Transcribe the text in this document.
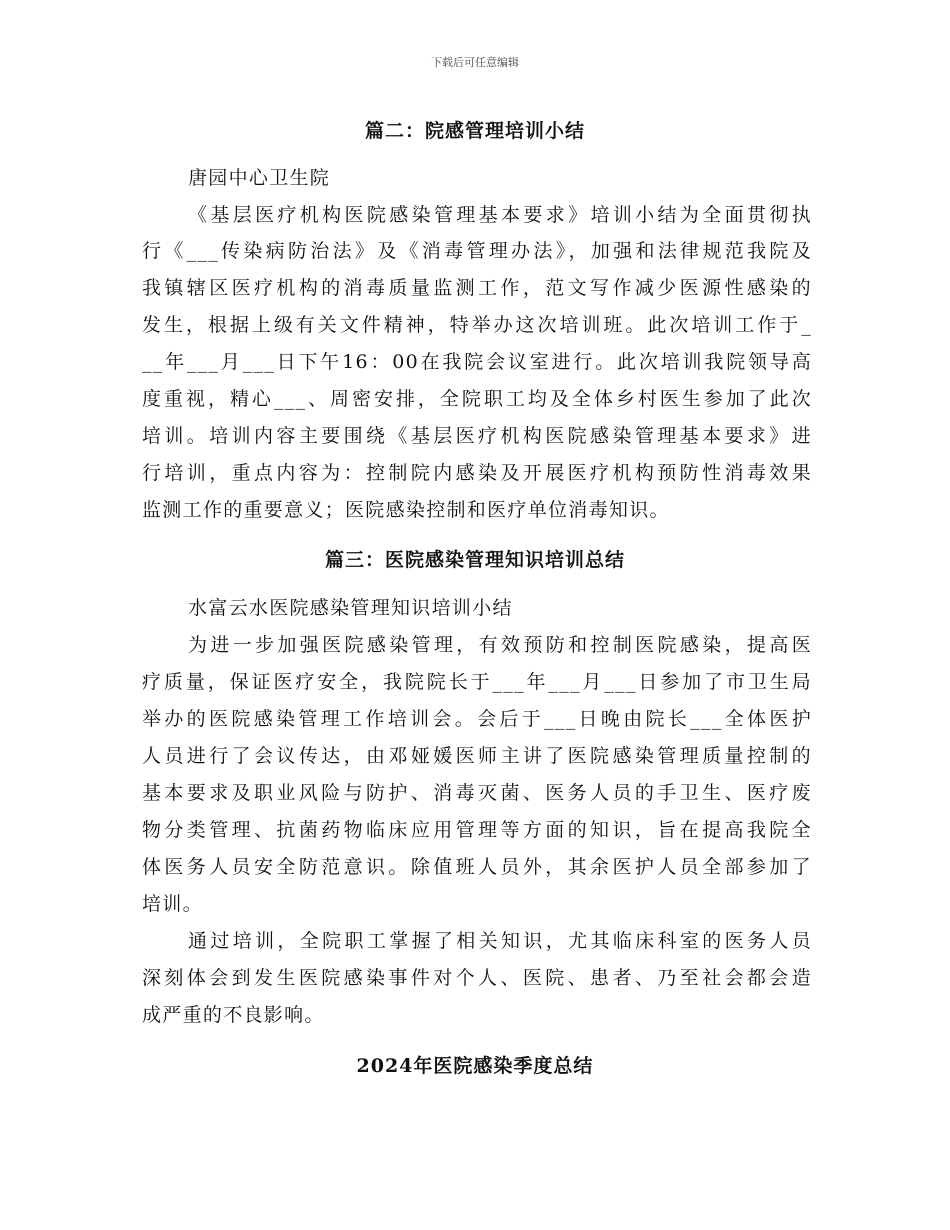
下载后可任意编辑
篇二：院感管理培训小结
唐园中心卫生院
《基层医疗机构医院感染管理基本要求》培训小结为全面贯彻执
行《___传染病防治法》及《消毒管理办法》，加强和法律规范我院及
我镇辖区医疗机构的消毒质量监测工作，范文写作减少医源性感染的
发生，根据上级有关文件精神，特举办这次培训班。此次培训工作于_
__年___月___日下午16：00在我院会议室进行。此次培训我院领导高
度重视，精心___、周密安排，全院职工均及全体乡村医生参加了此次
培训。培训内容主要围绕《基层医疗机构医院感染管理基本要求》进
行培训，重点内容为：控制院内感染及开展医疗机构预防性消毒效果
监测工作的重要意义；医院感染控制和医疗单位消毒知识。
篇三：医院感染管理知识培训总结
水富云水医院感染管理知识培训小结
为进一步加强医院感染管理，有效预防和控制医院感染，提高医
疗质量，保证医疗安全，我院院长于___年___月___日参加了市卫生局
举办的医院感染管理工作培训会。会后于___日晚由院长___全体医护
人员进行了会议传达，由邓娅媛医师主讲了医院感染管理质量控制的
基本要求及职业风险与防护、消毒灭菌、医务人员的手卫生、医疗废
物分类管理、抗菌药物临床应用管理等方面的知识，旨在提高我院全
体医务人员安全防范意识。除值班人员外，其余医护人员全部参加了
培训。
通过培训，全院职工掌握了相关知识，尤其临床科室的医务人员
深刻体会到发生医院感染事件对个人、医院、患者、乃至社会都会造
成严重的不良影响。
2024年医院感染季度总结
